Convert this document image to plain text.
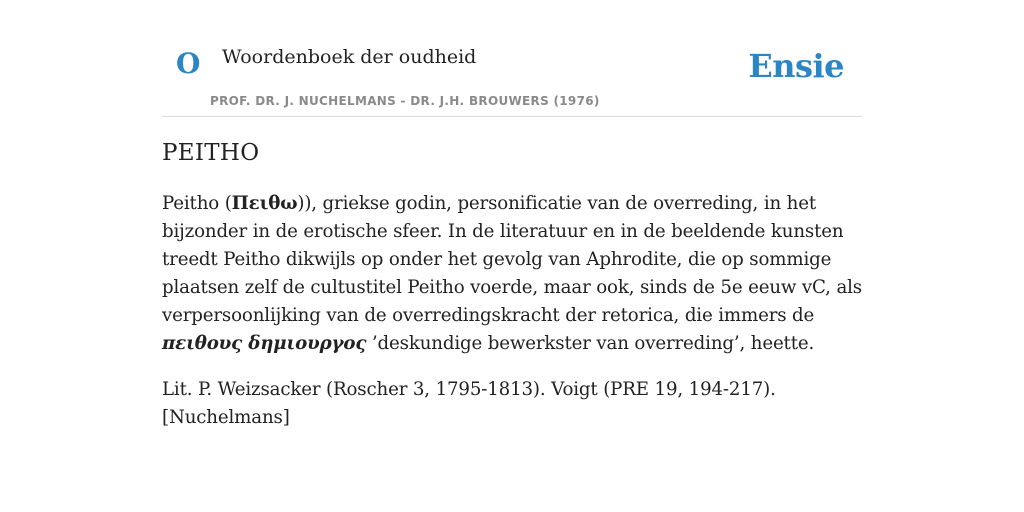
O Woordenboek der oudheid
PROF. DR. J. NUCHELMANS - DR. J.H. BROUWERS (1976)
Ensie
PEITHO

Peitho (Πειθω)), griekse godin, personificatie van de overreding, in het bijzonder in de erotische sfeer. In de literatuur en in de beeldende kunsten treedt Peitho dikwijls op onder het gevolg van Aphrodite, die op sommige plaatsen zelf de cultustitel Peitho voerde, maar ook, sinds de 5e eeuw vC, als verpersoonlijking van de overredingskracht der retorica, die immers de πειθους δημιουργος ’deskundige bewerkster van overreding’, heette.

Lit. P. Weizsacker (Roscher 3, 1795-1813). Voigt (PRE 19, 194-217). [Nuchelmans]
